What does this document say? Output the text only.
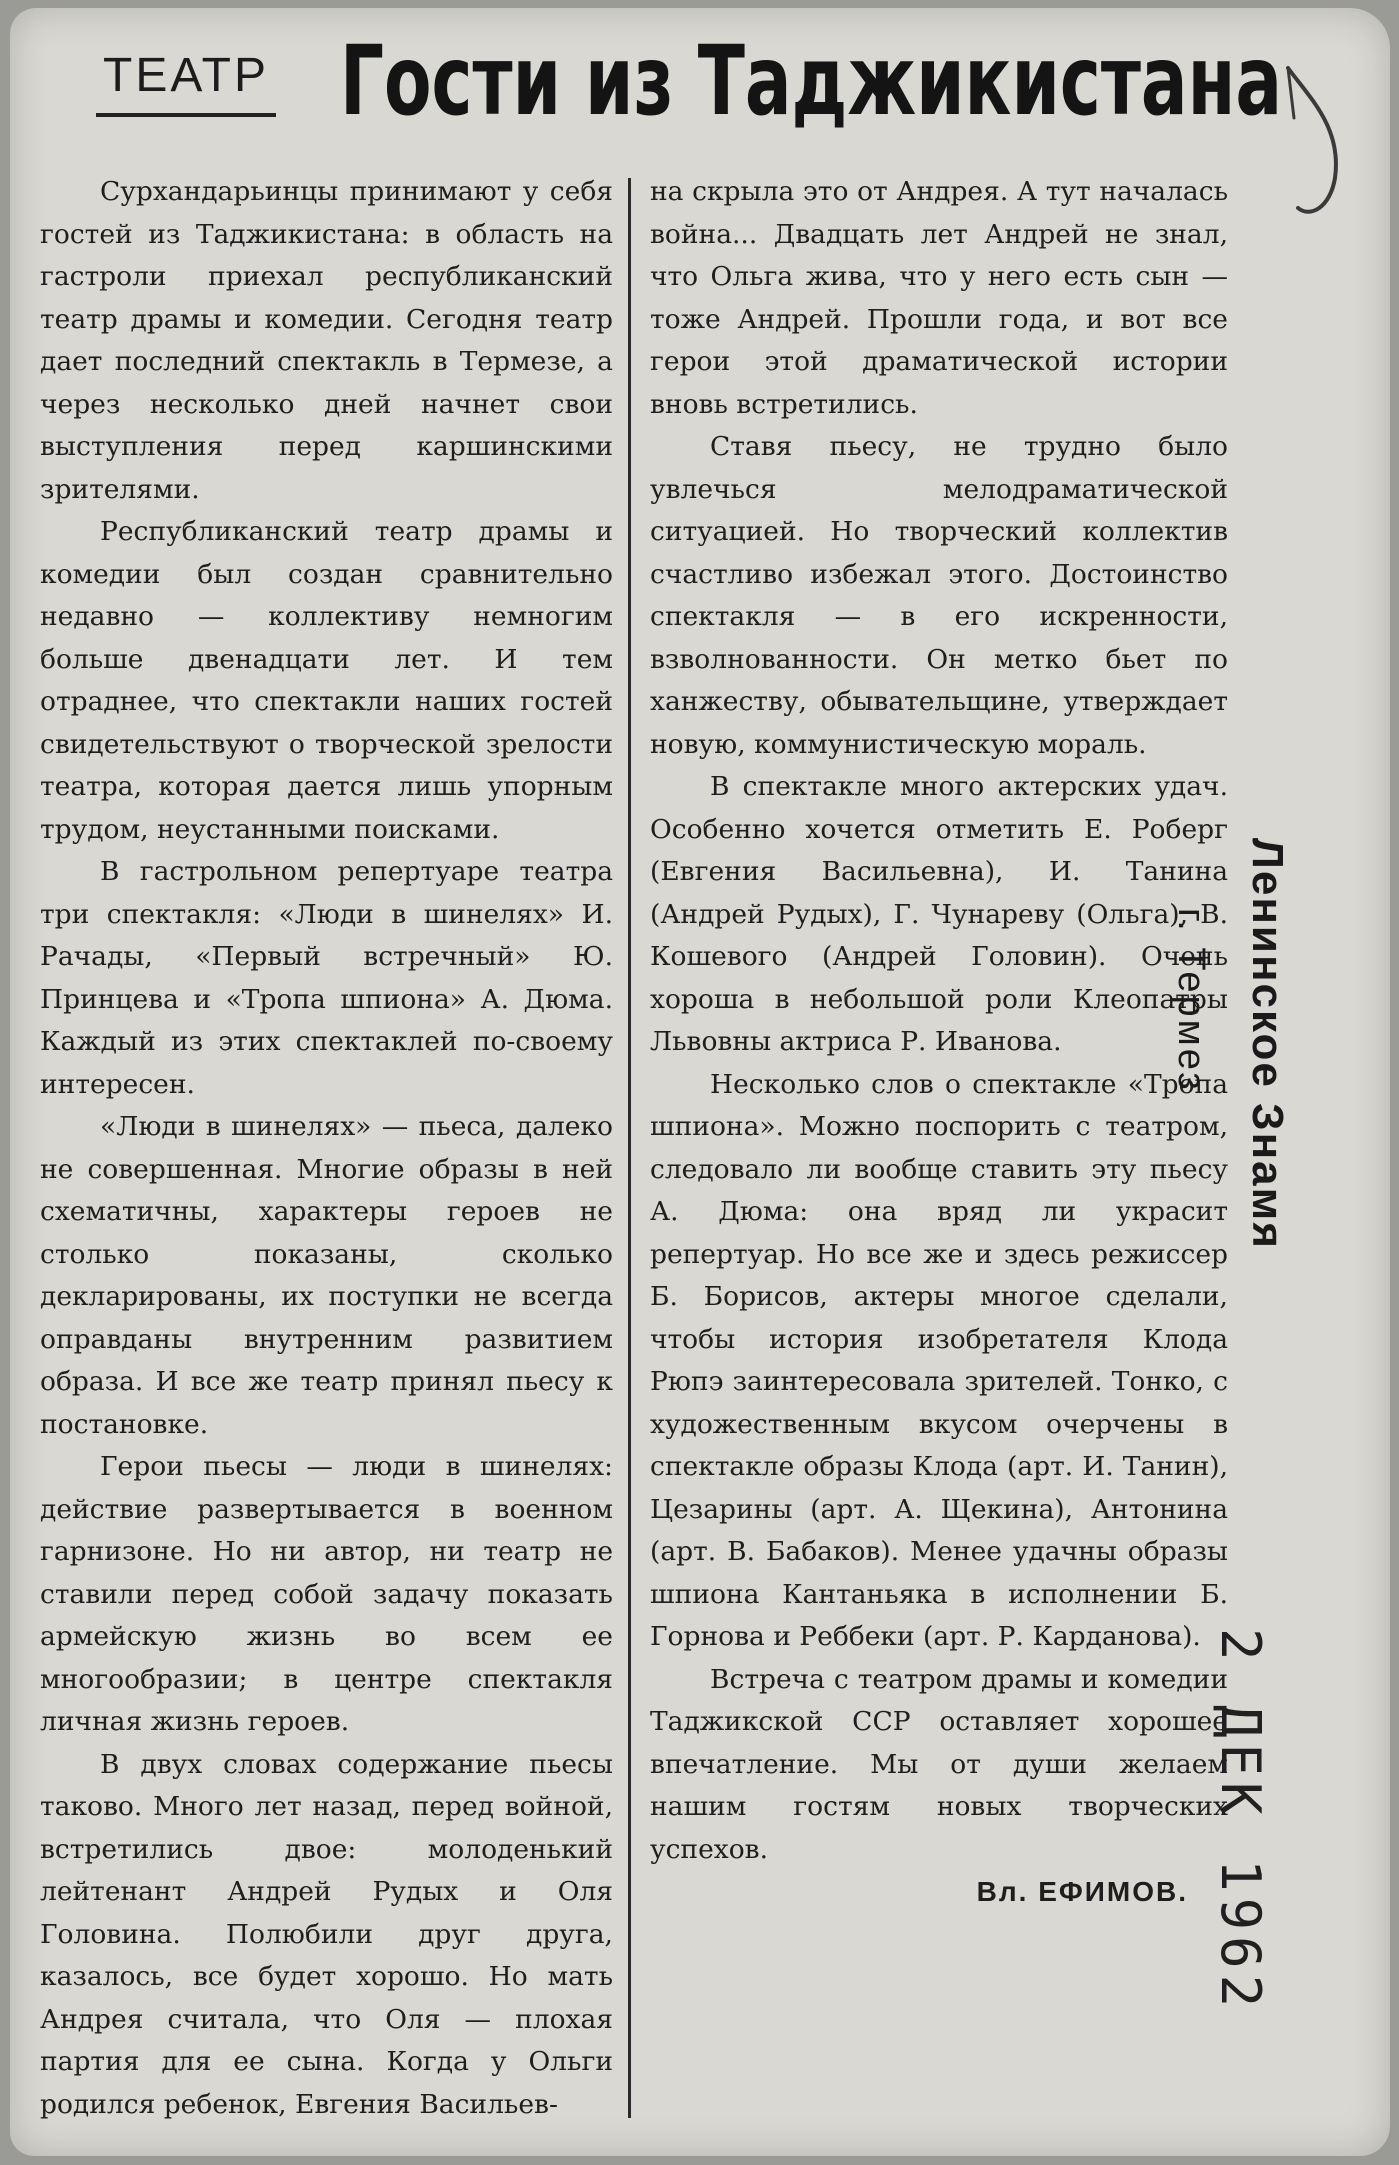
ТЕАТР Гости из Таджикистана

Сурхандарьинцы принимают у себя гостей из Таджикистана: в область на гастроли приехал республиканский театр драмы и комедии. Сегодня театр дает последний спектакль в Термезе, а через несколько дней начнет свои выступления перед каршинскими зрителями.

Республиканский театр драмы и комедии был создан сравнительно недавно — коллективу немногим больше двенадцати лет. И тем отраднее, что спектакли наших гостей свидетельствуют о творческой зрелости театра, которая дается лишь упорным трудом, неустанными поисками.

В гастрольном репертуаре театра три спектакля: «Люди в шинелях» И. Рачады, «Первый встречный» Ю. Принцева и «Тропа шпиона» А. Дюма. Каждый из этих спектаклей по-своему интересен.

«Люди в шинелях» — пьеса, далеко не совершенная. Многие образы в ней схематичны, характеры героев не столько показаны, сколько декларированы, их поступки не всегда оправданы внутренним развитием образа. И все же театр принял пьесу к постановке.

Герои пьесы — люди в шинелях: действие развертывается в военном гарнизоне. Но ни автор, ни театр не ставили перед собой задачу показать армейскую жизнь во всем ее многообразии; в центре спектакля личная жизнь героев.

В двух словах содержание пьесы таково. Много лет назад, перед войной, встретились двое: молоденький лейтенант Андрей Рудых и Оля Головина. Полюбили друг друга, казалось, все будет хорошо. Но мать Андрея считала, что Оля — плохая партия для ее сына. Когда у Ольги родился ребенок, Евгения Васильев-

на скрыла это от Андрея. А тут началась война... Двадцать лет Андрей не знал, что Ольга жива, что у него есть сын — тоже Андрей. Прошли года, и вот все герои этой драматической истории вновь встретились.

Ставя пьесу, не трудно было увлечься мелодраматической ситуацией. Но творческий коллектив счастливо избежал этого. Достоинство спектакля — в его искренности, взволнованности. Он метко бьет по ханжеству, обывательщине, утверждает новую, коммунистическую мораль.

В спектакле много актерских удач. Особенно хочется отметить Е. Роберг (Евгения Васильевна), И. Танина (Андрей Рудых), Г. Чунареву (Ольга), В. Кошевого (Андрей Головин). Очень хороша в небольшой роли Клеопатры Львовны актриса Р. Иванова.

Несколько слов о спектакле «Тропа шпиона». Можно поспорить с театром, следовало ли вообще ставить эту пьесу А. Дюма: она вряд ли украсит репертуар. Но все же и здесь режиссер Б. Борисов, актеры многое сделали, чтобы история изобретателя Клода Рюпэ заинтересовала зрителей. Тонко, с художественным вкусом очерчены в спектакле образы Клода (арт. И. Танин), Цезарины (арт. А. Щекина), Антонина (арт. В. Бабаков). Менее удачны образы шпиона Кантаньяка в исполнении Б. Горнова и Реббеки (арт. Р. Карданова).

Встреча с театром драмы и комедии Таджикской ССР оставляет хорошее впечатление. Мы от души желаем нашим гостям новых творческих успехов.

Вл. ЕФИМОВ.

Ленинское Знамя
г. Термез
2 ДЕК 1962
